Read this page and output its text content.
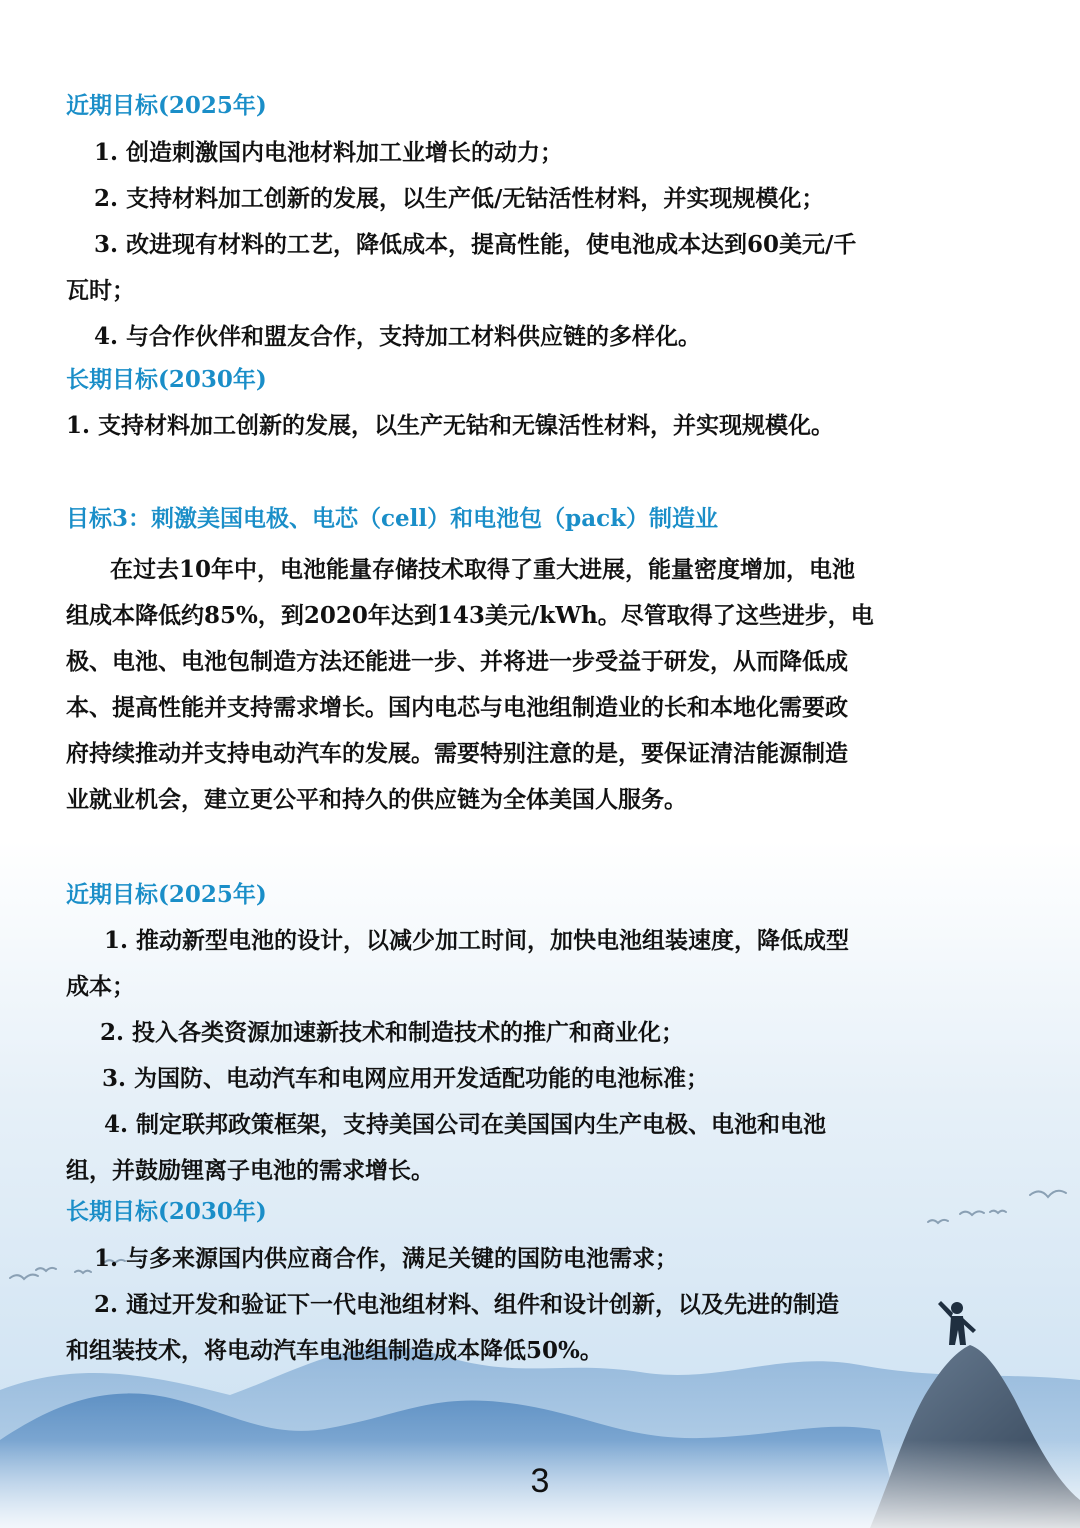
近期目标(2025年)

1. 创造刺激国内电池材料加工业增长的动力；

2. 支持材料加工创新的发展，以生产低/无钴活性材料，并实现规模化；

3. 改进现有材料的工艺，降低成本，提高性能，使电池成本达到60美元/千

瓦时；

4. 与合作伙伴和盟友合作，支持加工材料供应链的多样化。

长期目标(2030年)

1. 支持材料加工创新的发展，以生产无钴和无镍活性材料，并实现规模化。

目标3：刺激美国电极、电芯（cell）和电池包（pack）制造业

在过去10年中，电池能量存储技术取得了重大进展，能量密度增加，电池

组成本降低约85%，到2020年达到143美元/kWh。尽管取得了这些进步，电

极、电池、电池包制造方法还能进一步、并将进一步受益于研发，从而降低成

本、提高性能并支持需求增长。国内电芯与电池组制造业的长和本地化需要政

府持续推动并支持电动汽车的发展。需要特别注意的是，要保证清洁能源制造

业就业机会，建立更公平和持久的供应链为全体美国人服务。

近期目标(2025年)

1. 推动新型电池的设计，以减少加工时间，加快电池组装速度，降低成型

成本；

2. 投入各类资源加速新技术和制造技术的推广和商业化；

3. 为国防、电动汽车和电网应用开发适配功能的电池标准；

4. 制定联邦政策框架，支持美国公司在美国国内生产电极、电池和电池

组，并鼓励锂离子电池的需求增长。

长期目标(2030年)

1. 与多来源国内供应商合作，满足关键的国防电池需求；

2. 通过开发和验证下一代电池组材料、组件和设计创新，以及先进的制造

和组装技术，将电动汽车电池组制造成本降低50%。

3
